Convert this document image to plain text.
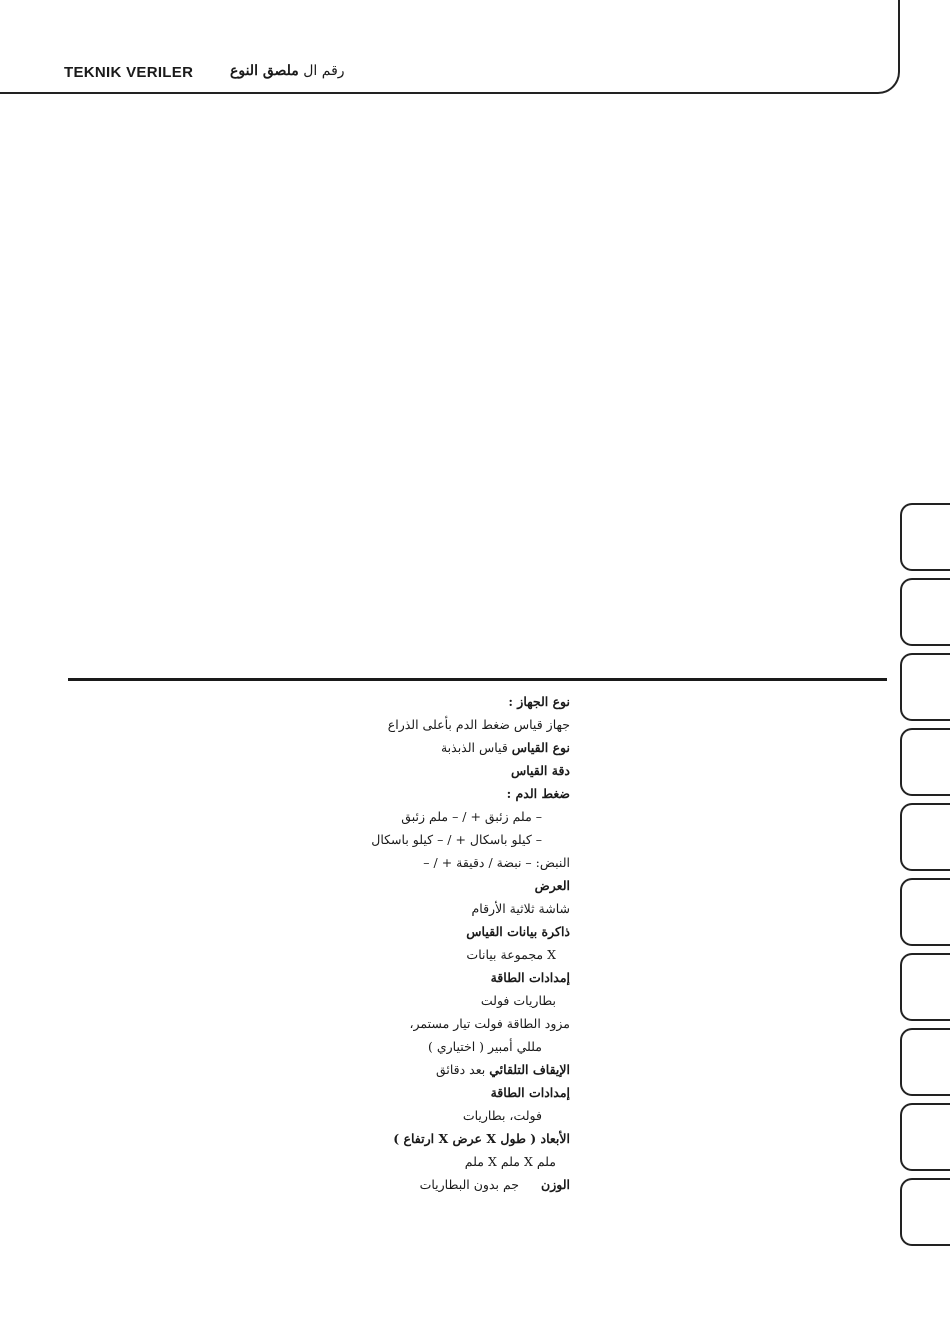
TEKNIK VERILER	رقم ال ملصق النوع
نوع الجهاز :
جهاز قياس ضغط الدم بأعلى الذراع
نوع القياس قياس الذبذبة
دقة القياس
ضغط الدم :
– ملم زئبق + / – ملم زئبق
– كيلو باسكال + / – كيلو باسكال
النبض: – نبضة / دقيقة + / –
العرض
شاشة ثلاثية الأرقام
ذاكرة بيانات القياس
X مجموعة بيانات
إمدادات الطاقة
بطاريات فولت
مزود الطاقة فولت تيار مستمر،
مللي أمبير ( اختياري )
الإيقاف التلقائي بعد دقائق
إمدادات الطاقة
فولت، بطاريات
الأبعاد ( طول X عرض X ارتفاع )
ملم X ملم X ملم
الوزنجم بدون البطاريات
